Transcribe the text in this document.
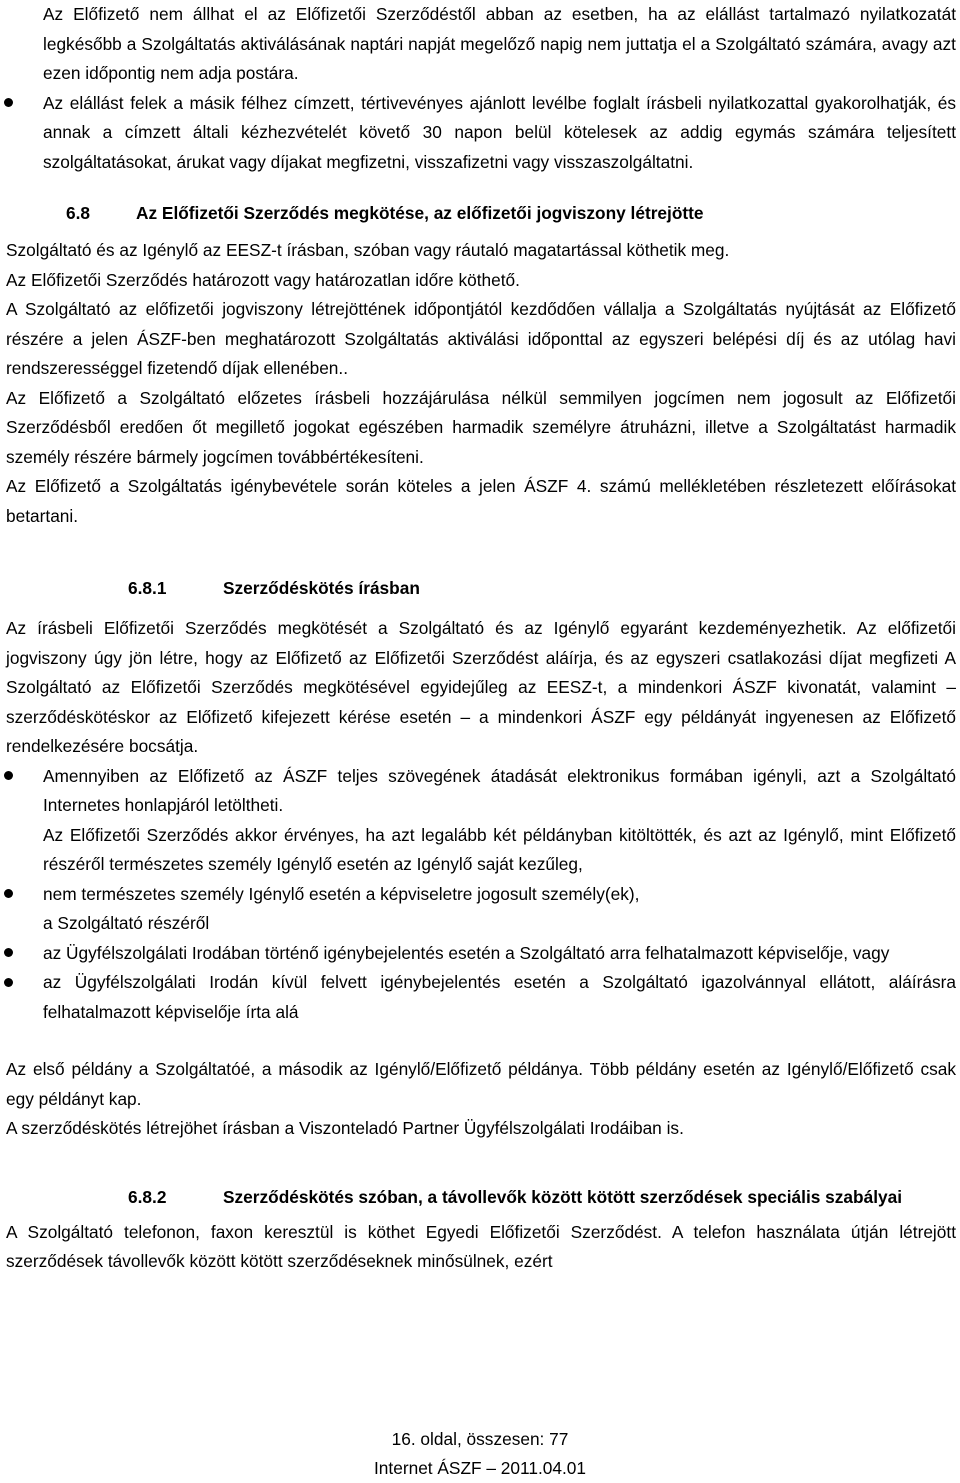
Az Előfizető nem állhat el az Előfizetői Szerződéstől abban az esetben, ha az elállást tartalmazó nyilatkozatát legkésőbb a Szolgáltatás aktiválásának naptári napját megelőző napig nem juttatja el a Szolgáltató számára, avagy azt ezen időpontig nem adja postára.

Az elállást felek a másik félhez címzett, tértivevényes ajánlott levélbe foglalt írásbeli nyilatkozattal gyakorolhatják, és annak a címzett általi kézhezvételét követő 30 napon belül kötelesek az addig egymás számára teljesített szolgáltatásokat, árukat vagy díjakat megfizetni, visszafizetni vagy visszaszolgáltatni.

6.8	Az Előfizetői Szerződés megkötése, az előfizetői jogviszony létrejötte

Szolgáltató és az Igénylő az EESZ-t írásban, szóban vagy ráutaló magatartással köthetik meg.

Az Előfizetői Szerződés határozott vagy határozatlan időre köthető.

A Szolgáltató az előfizetői jogviszony létrejöttének időpontjától kezdődően vállalja a Szolgáltatás nyújtását az Előfizető részére a jelen ÁSZF-ben meghatározott Szolgáltatás aktiválási időponttal az egyszeri belépési díj és az utólag havi rendszerességgel fizetendő díjak ellenében..

Az Előfizető a Szolgáltató előzetes írásbeli hozzájárulása nélkül semmilyen jogcímen nem jogosult az Előfizetői Szerződésből eredően őt megillető jogokat egészében harmadik személyre átruházni, illetve a Szolgáltatást harmadik személy részére bármely jogcímen továbbértékesíteni.

Az Előfizető a Szolgáltatás igénybevétele során köteles a jelen ÁSZF 4. számú mellékletében részletezett előírásokat betartani.

6.8.1	Szerződéskötés írásban

Az írásbeli Előfizetői Szerződés megkötését a Szolgáltató és az Igénylő egyaránt kezdeményezhetik. Az előfizetői jogviszony úgy jön létre, hogy az Előfizető az Előfizetői Szerződést aláírja, és az egyszeri csatlakozási díjat megfizeti A Szolgáltató az Előfizetői Szerződés megkötésével egyidejűleg az EESZ-t, a mindenkori ÁSZF kivonatát, valamint – szerződéskötéskor az Előfizető kifejezett kérése esetén – a mindenkori ÁSZF egy példányát ingyenesen az Előfizető rendelkezésére bocsátja.

Amennyiben az Előfizető az ÁSZF teljes szövegének átadását elektronikus formában igényli, azt a Szolgáltató Internetes honlapjáról letöltheti.

Az Előfizetői Szerződés akkor érvényes, ha azt legalább két példányban kitöltötték, és azt az Igénylő, mint Előfizető részéről természetes személy Igénylő esetén az Igénylő saját kezűleg,

nem természetes személy Igénylő esetén a képviseletre jogosult személy(ek),

a Szolgáltató részéről

az Ügyfélszolgálati Irodában történő igénybejelentés esetén a Szolgáltató arra felhatalmazott képviselője, vagy
az Ügyfélszolgálati Irodán kívül felvett igénybejelentés esetén a Szolgáltató igazolvánnyal ellátott, aláírásra felhatalmazott képviselője írta alá

Az első példány a Szolgáltatóé, a második az Igénylő/Előfizető példánya. Több példány esetén az Igénylő/Előfizető csak egy példányt kap.

A szerződéskötés létrejöhet írásban a Viszonteladó Partner Ügyfélszolgálati Irodáiban is.

6.8.2	Szerződéskötés szóban, a távollevők között kötött szerződések speciális szabályai

A Szolgáltató telefonon, faxon keresztül is köthet Egyedi Előfizetői Szerződést. A telefon használata útján létrejött szerződések távollevők között kötött szerződéseknek minősülnek, ezért

16. oldal, összesen: 77
Internet ÁSZF – 2011.04.01
